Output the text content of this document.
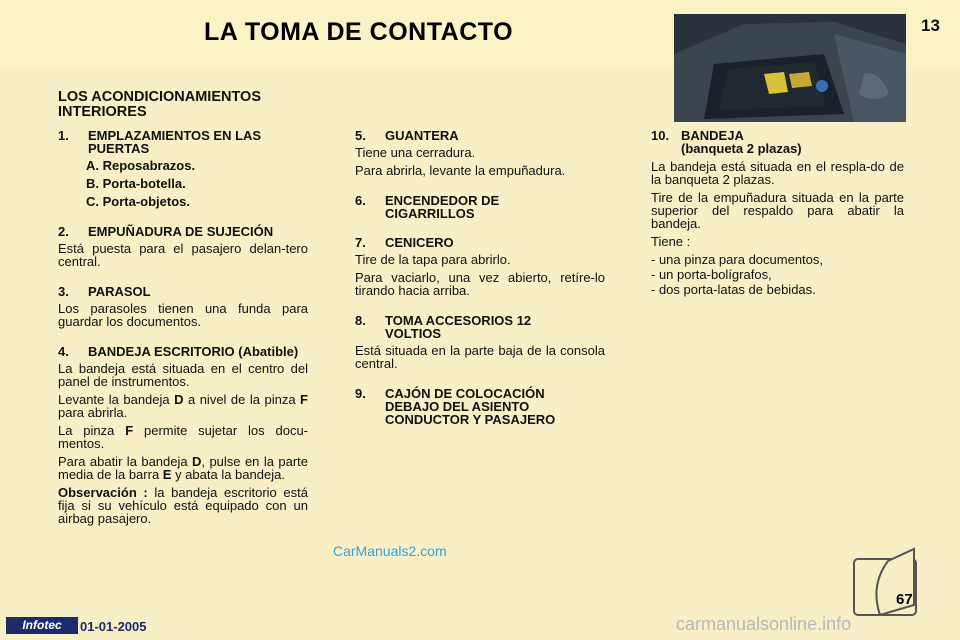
LA TOMA DE CONTACTO	13
LOS ACONDICIONAMIENTOS INTERIORES
1.	EMPLAZAMIENTOS EN LAS PUERTAS

A. Reposabrazos.

B. Porta-botella.

C. Porta-objetos.

2.	EMPUÑADURA DE SUJECIÓN

Está puesta para el pasajero delan-tero central.

3.	PARASOL

Los parasoles tienen una funda para guardar los documentos.

4.	BANDEJA ESCRITORIO (Abatible)

La bandeja está situada en el centro del panel de instrumentos.

Levante la bandeja D a nivel de la pinza F para abrirla.

La pinza F permite sujetar los docu-mentos.

Para abatir la bandeja D, pulse en la parte media de la barra E y abata la bandeja.

Observación : la bandeja escritorio está fija si su vehículo está equipado con un airbag pasajero.

5.	GUANTERA

Tiene una cerradura.

Para abrirla, levante la empuñadura.

6.	ENCENDEDOR DE CIGARRILLOS
7.	CENICERO

Tire de la tapa para abrirlo.

Para vaciarlo, una vez abierto, retíre-lo tirando hacia arriba.

8.	TOMA ACCESORIOS 12 VOLTIOS

Está situada en la parte baja de la consola central.

9.	CAJÓN DE COLOCACIÓN DEBAJO DEL ASIENTO CONDUCTOR Y PASAJERO
10. BANDEJA

(banqueta 2 plazas)

La bandeja está situada en el respla-do de la banqueta 2 plazas.

Tire de la empuñadura situada en la parte superior del respaldo para abatir la bandeja.

Tiene :

- una pinza para documentos,

- un porta-bolígrafos,

- dos porta-latas de bebidas.

CarManuals2.com
67
Infotec	01-01-2005	carmanualsonline.info
